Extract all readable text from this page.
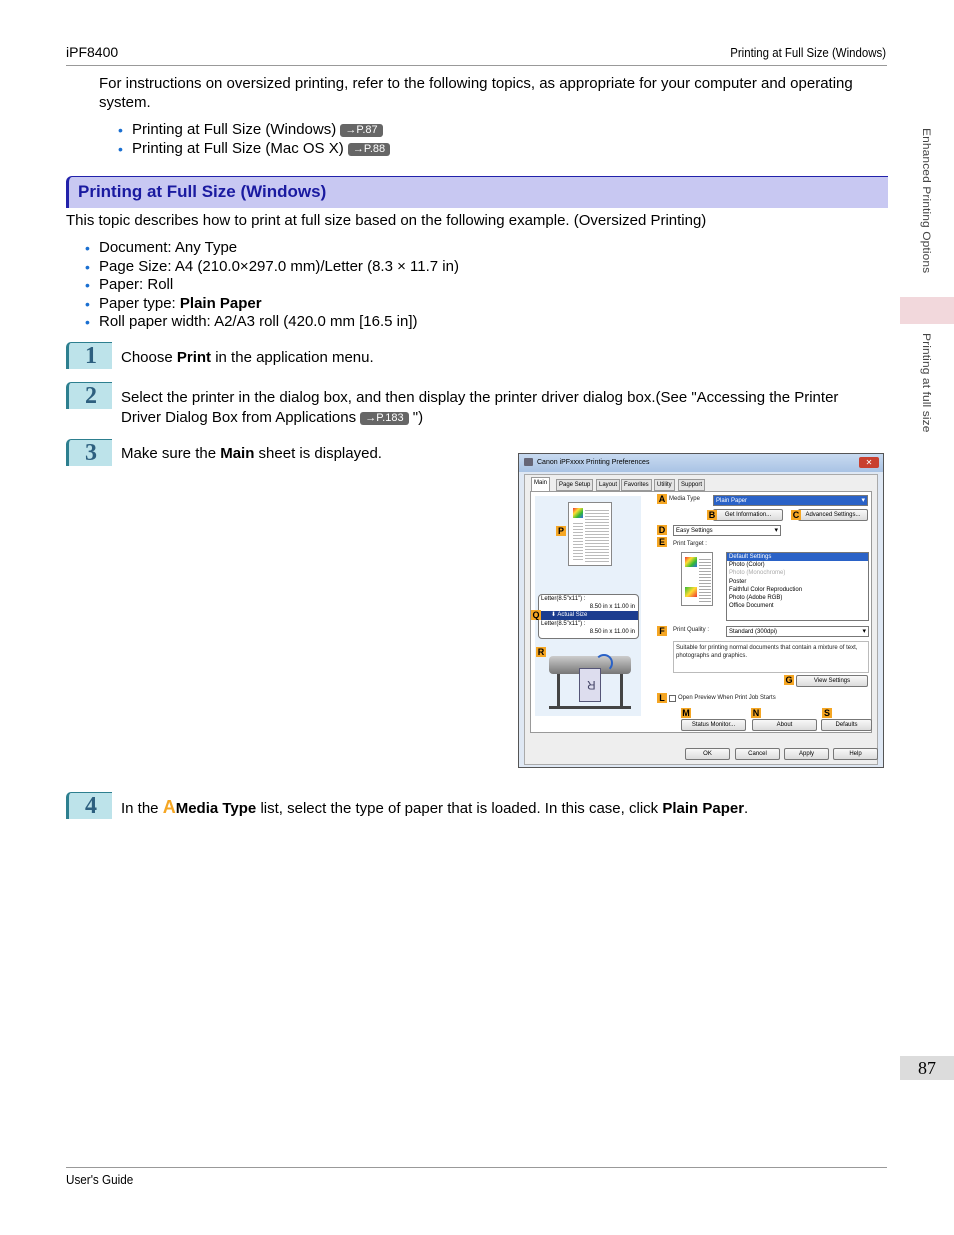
iPF8400	Printing at Full Size (Windows)
Enhanced Printing Options
Printing at full size

For instructions on oversized printing, refer to the following topics, as appropriate for your computer and operating system.

• Printing at Full Size (Windows) →P.87
• Printing at Full Size (Mac OS X) →P.88
Printing at Full Size (Windows)

This topic describes how to print at full size based on the following example. (Oversized Printing)

• Document: Any Type
• Page Size: A4 (210.0×297.0 mm)/Letter (8.3 × 11.7 in)
• Paper: Roll
• Paper type: Plain Paper
• Roll paper width: A2/A3 roll (420.0 mm [16.5 in])
1	Choose Print in the application menu.

2	Select the printer in the dialog box, and then display the printer driver dialog box.(See "Accessing the Printer
Driver Dialog Box from Applications →P.183 ")

3	Make sure the Main sheet is displayed.

Canon iPFxxxx Printing Preferences	✕
Main	Page Setup	Layout	Favorites	Utility	Support
Letter(8.5"x11") :
8.50 in x 11.00 in
⬇ Actual Size
Letter(8.5"x11") :
8.50 in x 11.00 in
R
Media Type	Plain Paper ▾
Get Information...	Advanced Settings...
Easy Settings ▾
Print Target :
Default Settings
Photo (Color)
Photo (Monochrome)
Poster
Faithful Color Reproduction
Photo (Adobe RGB)
Office Document
Print Quality :	Standard (300dpi) ▾
Suitable for printing normal documents that contain a mixture of text, photographs and graphics.
View Settings
Open Preview When Print Job Starts
Status Monitor...	About	Defaults
A
B	C
D
E
F
G
L
M	N	S
P
Q
R
OK	Cancel	Apply	Help
4	In the AMedia Type list, select the type of paper that is loaded. In this case, click Plain Paper.

87
User's Guide
